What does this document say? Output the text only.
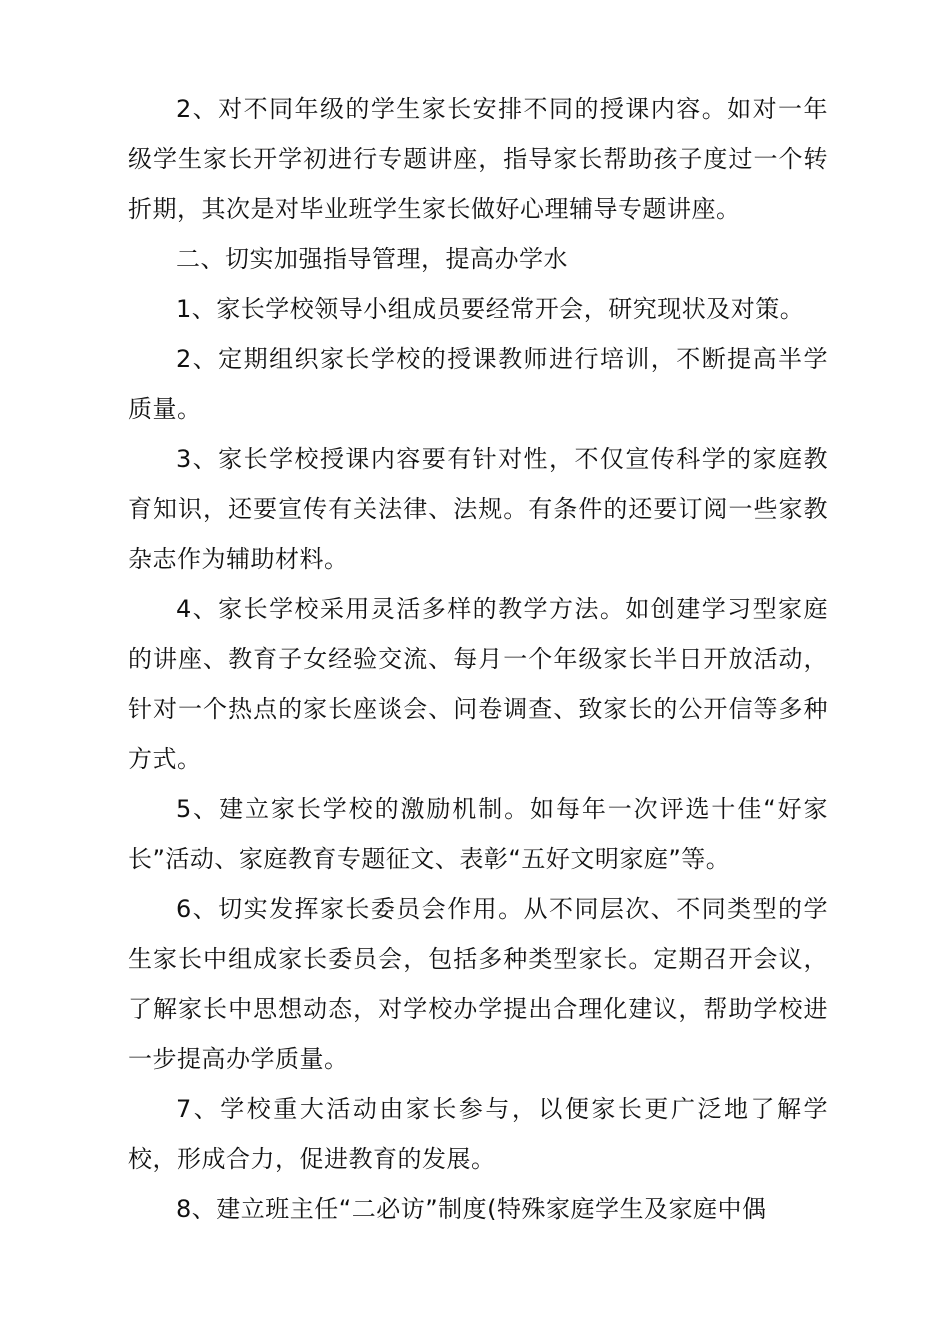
2、对不同年级的学生家长安排不同的授课内容。如对一年级学生家长开学初进行专题讲座，指导家长帮助孩子度过一个转折期，其次是对毕业班学生家长做好心理辅导专题讲座。

二、切实加强指导管理，提高办学水

1、家长学校领导小组成员要经常开会，研究现状及对策。

2、定期组织家长学校的授课教师进行培训，不断提高半学质量。

3、家长学校授课内容要有针对性，不仅宣传科学的家庭教育知识，还要宣传有关法律、法规。有条件的还要订阅一些家教杂志作为辅助材料。

4、家长学校采用灵活多样的教学方法。如创建学习型家庭的讲座、教育子女经验交流、每月一个年级家长半日开放活动，针对一个热点的家长座谈会、问卷调查、致家长的公开信等多种方式。

5、建立家长学校的激励机制。如每年一次评选十佳“好家长”活动、家庭教育专题征文、表彰“五好文明家庭”等。

6、切实发挥家长委员会作用。从不同层次、不同类型的学生家长中组成家长委员会，包括多种类型家长。定期召开会议，了解家长中思想动态，对学校办学提出合理化建议，帮助学校进一步提高办学质量。

7、学校重大活动由家长参与，以便家长更广泛地了解学校，形成合力，促进教育的发展。

8、建立班主任“二必访”制度(特殊家庭学生及家庭中偶
